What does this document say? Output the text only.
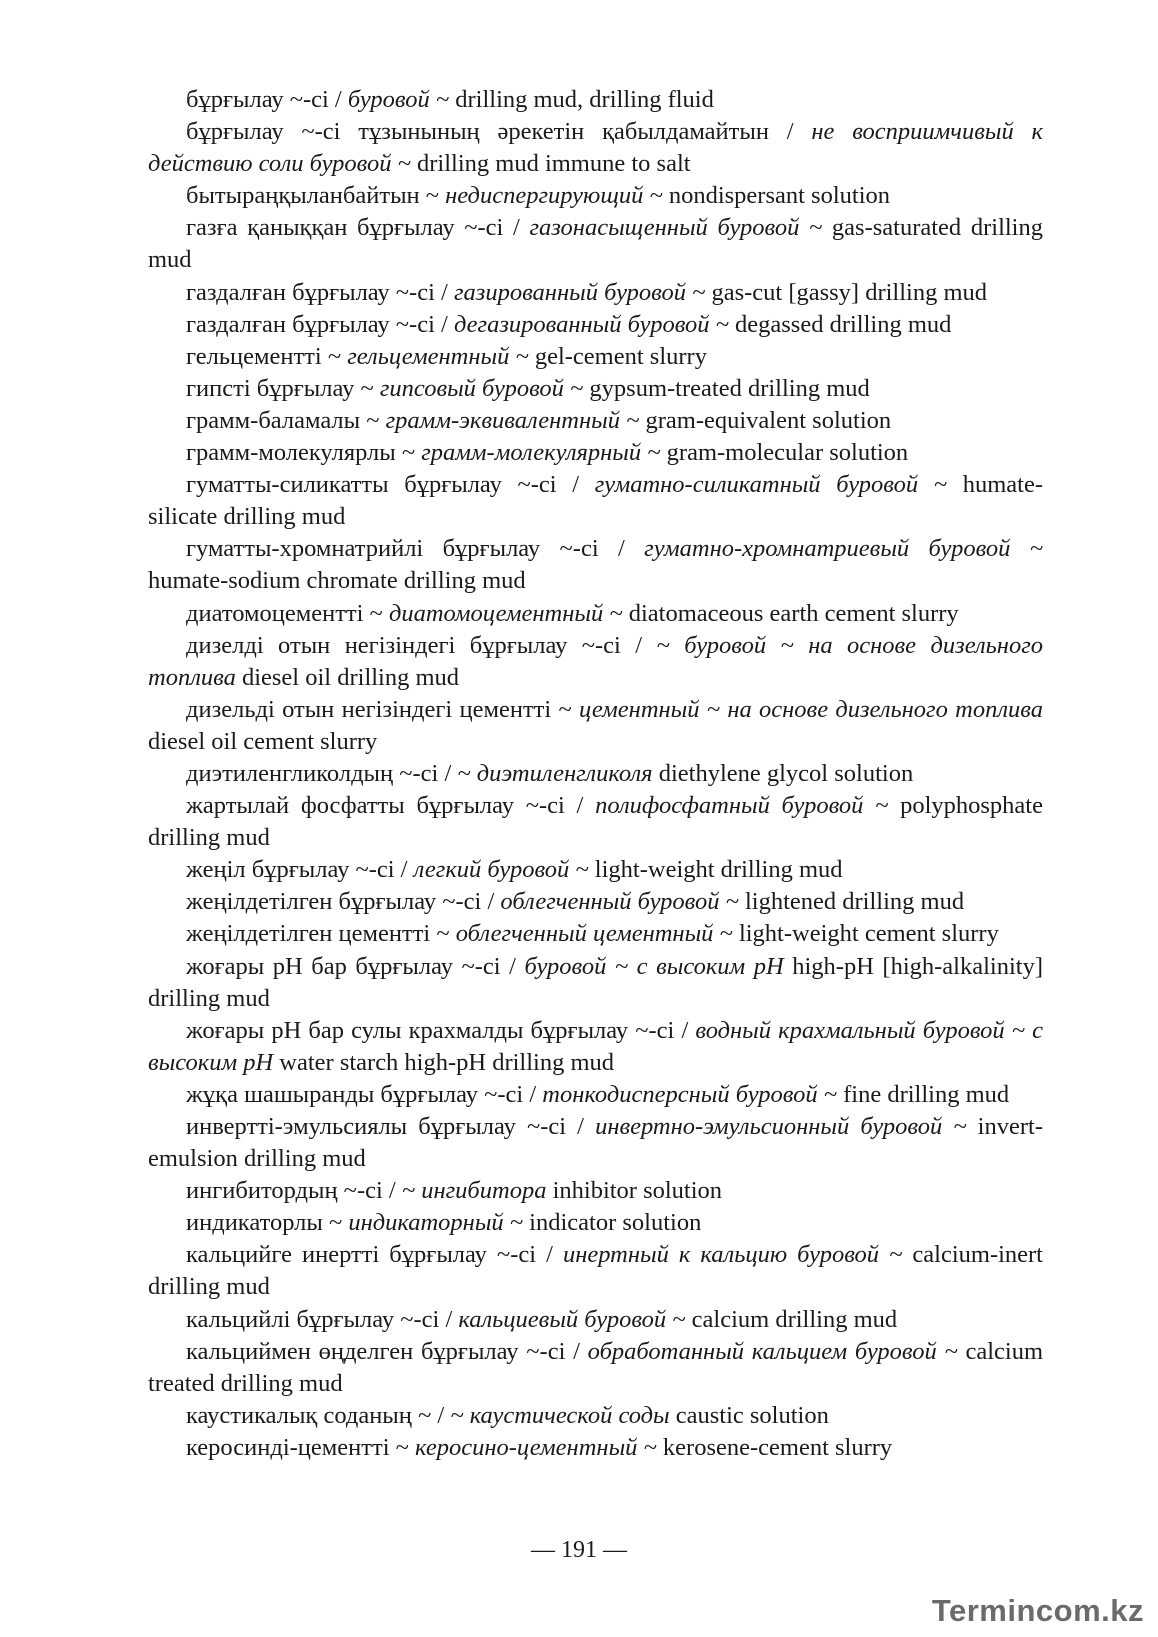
бұрғылау ~-сі / буровой ~ drilling mud, drilling fluid

бұрғылау ~-сі тұзынының әрекетін қабылдамайтын / не восприимчивый к действию соли буровой ~ drilling mud immune to salt

бытыраңқыланбайтын ~ недиспергирующий ~ nondispersant solution

газға қаныққан бұрғылау ~-сі / газонасыщенный буровой ~ gas-saturated drilling mud

газдалған бұрғылау ~-сі / газированный буровой ~ gas-cut [gassy] drilling mud

газдалған бұрғылау ~-сі / дегазированный буровой ~ degassed drilling mud

гельцементті ~ гельцементный ~ gel-cement slurry

гипсті бұрғылау ~ гипсовый буровой ~ gypsum-treated drilling mud

грамм-баламалы ~ грамм-эквивалентный ~ gram-equivalent solution

грамм-молекулярлы ~ грамм-молекулярный ~ gram-molecular solution

гуматты-силикатты бұрғылау ~-сі / гуматно-силикатный буровой ~ humate-silicate drilling mud

гуматты-хромнатрийлі бұрғылау ~-сі / гуматно-хромнатриевый буровой ~ humate-sodium chromate drilling mud

диатомоцементті ~ диатомоцементный ~ diatomaceous earth cement slurry

дизелді отын негізіндегі бұрғылау ~-сі / ~ буровой ~ на основе дизельного топлива diesel oil drilling mud

дизельді отын негізіндегі цементті ~ цементный ~ на основе дизельного топлива diesel oil cement slurry

диэтиленгликолдың ~-сі / ~ диэтиленгликоля diethylene glycol solution

жартылай фосфатты бұрғылау ~-сі / полифосфатный буровой ~ polyphosphate drilling mud

жеңіл бұрғылау ~-сі / легкий буровой ~ light-weight drilling mud

жеңілдетілген бұрғылау ~-сі / облегченный буровой ~ lightened drilling mud

жеңілдетілген цементті ~ облегченный цементный ~ light-weight cement slurry

жоғары рН бар бұрғылау ~-сі / буровой ~ с высоким рН high-pH [high-alkalinity] drilling mud

жоғары рН бар сулы крахмалды бұрғылау ~-сі / водный крахмальный буровой ~ с высоким рН water starch high-pH drilling mud

жұқа шашыранды бұрғылау ~-сі / тонкодисперсный буровой ~ fine drilling mud

инвертті-эмульсиялы бұрғылау ~-сі / инвертно-эмульсионный буровой ~ invert-emulsion drilling mud

ингибитордың ~-сі / ~ ингибитора inhibitor solution

индикаторлы ~ индикаторный ~ indicator solution

кальцийге инертті бұрғылау ~-сі / инертный к кальцию буровой ~ calcium-inert drilling mud

кальцийлі бұрғылау ~-сі / кальциевый буровой ~ calcium drilling mud

кальциймен өңделген бұрғылау ~-сі / обработанный кальцием буровой ~ calcium treated drilling mud

каустикалық соданың ~ / ~ каустической соды caustic solution

керосинді-цементті ~ керосино-цементный ~ kerosene-cement slurry

— 191 —
Termincom.kz
